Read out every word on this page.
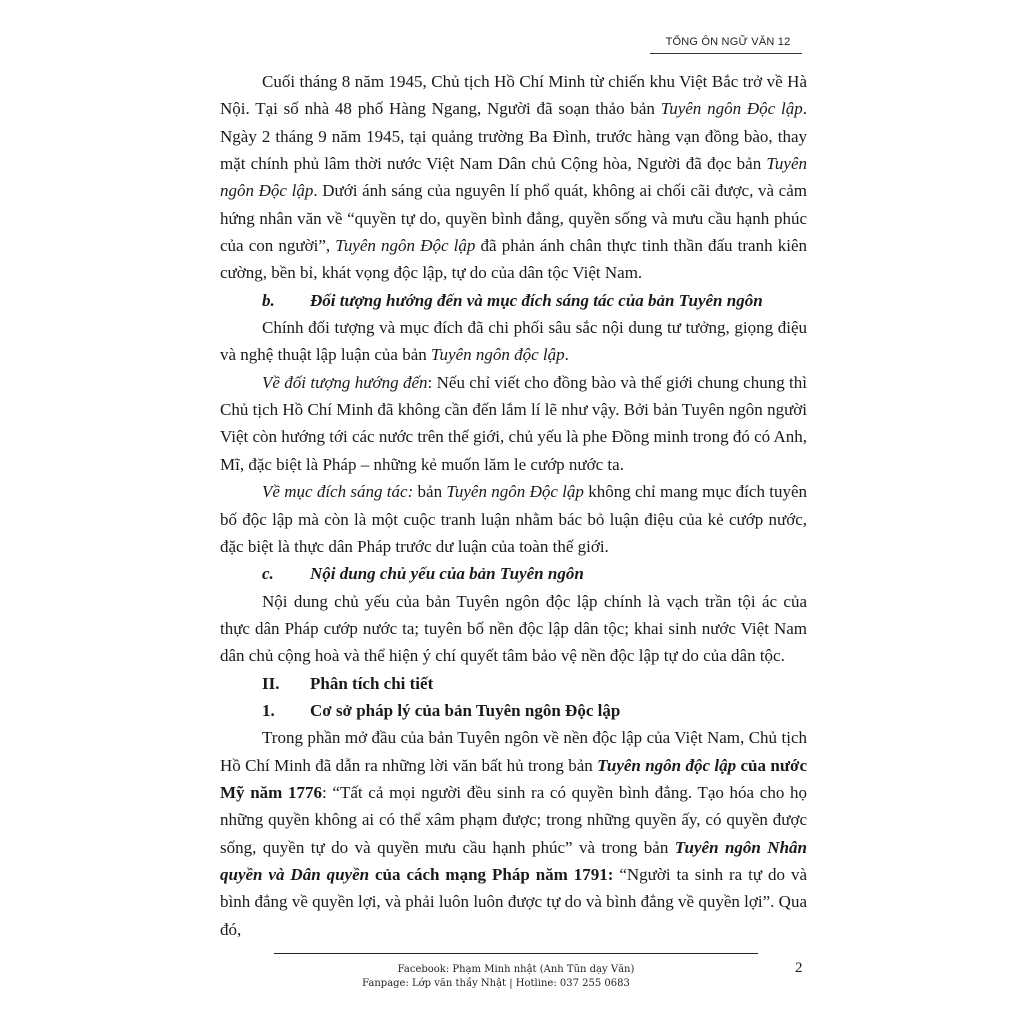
TỔNG ÔN NGỮ VĂN 12

Cuối tháng 8 năm 1945, Chủ tịch Hồ Chí Minh từ chiến khu Việt Bắc trở về Hà Nội. Tại số nhà 48 phố Hàng Ngang, Người đã soạn thảo bản Tuyên ngôn Độc lập. Ngày 2 tháng 9 năm 1945, tại quảng trường Ba Đình, trước hàng vạn đồng bào, thay mặt chính phủ lâm thời nước Việt Nam Dân chủ Cộng hòa, Người đã đọc bản Tuyên ngôn Độc lập. Dưới ánh sáng của nguyên lí phổ quát, không ai chối cãi được, và cảm hứng nhân văn về “quyền tự do, quyền bình đẳng, quyền sống và mưu cầu hạnh phúc của con người”, Tuyên ngôn Độc lập đã phản ánh chân thực tinh thần đấu tranh kiên cường, bền bỉ, khát vọng độc lập, tự do của dân tộc Việt Nam.

b. Đối tượng hướng đến và mục đích sáng tác của bản Tuyên ngôn

Chính đối tượng và mục đích đã chi phối sâu sắc nội dung tư tưởng, giọng điệu và nghệ thuật lập luận của bản Tuyên ngôn độc lập.

Về đối tượng hướng đến: Nếu chỉ viết cho đồng bào và thế giới chung chung thì Chủ tịch Hồ Chí Minh đã không cần đến lắm lí lẽ như vậy. Bởi bản Tuyên ngôn người Việt còn hướng tới các nước trên thế giới, chủ yếu là phe Đồng minh trong đó có Anh, Mĩ, đặc biệt là Pháp – những kẻ muốn lăm le cướp nước ta.

Về mục đích sáng tác: bản Tuyên ngôn Độc lập không chỉ mang mục đích tuyên bố độc lập mà còn là một cuộc tranh luận nhằm bác bỏ luận điệu của kẻ cướp nước, đặc biệt là thực dân Pháp trước dư luận của toàn thế giới.

c. Nội dung chủ yếu của bản Tuyên ngôn

Nội dung chủ yếu của bản Tuyên ngôn độc lập chính là vạch trần tội ác của thực dân Pháp cướp nước ta; tuyên bố nền độc lập dân tộc; khai sinh nước Việt Nam dân chủ cộng hoà và thể hiện ý chí quyết tâm bảo vệ nền độc lập tự do của dân tộc.

II. Phân tích chi tiết

1. Cơ sở pháp lý của bản Tuyên ngôn Độc lập

Trong phần mở đầu của bản Tuyên ngôn về nền độc lập của Việt Nam, Chủ tịch Hồ Chí Minh đã dẫn ra những lời văn bất hủ trong bản Tuyên ngôn độc lập của nước Mỹ năm 1776: “Tất cả mọi người đều sinh ra có quyền bình đẳng. Tạo hóa cho họ những quyền không ai có thể xâm phạm được; trong những quyền ấy, có quyền được sống, quyền tự do và quyền mưu cầu hạnh phúc” và trong bản Tuyên ngôn Nhân quyền và Dân quyền của cách mạng Pháp năm 1791: “Người ta sinh ra tự do và bình đẳng về quyền lợi, và phải luôn luôn được tự do và bình đẳng về quyền lợi”. Qua đó,

Facebook: Phạm Minh nhật (Anh Tũn dạy Văn)
Fanpage: Lớp văn thầy Nhật | Hotline: 037 255 0683
2
